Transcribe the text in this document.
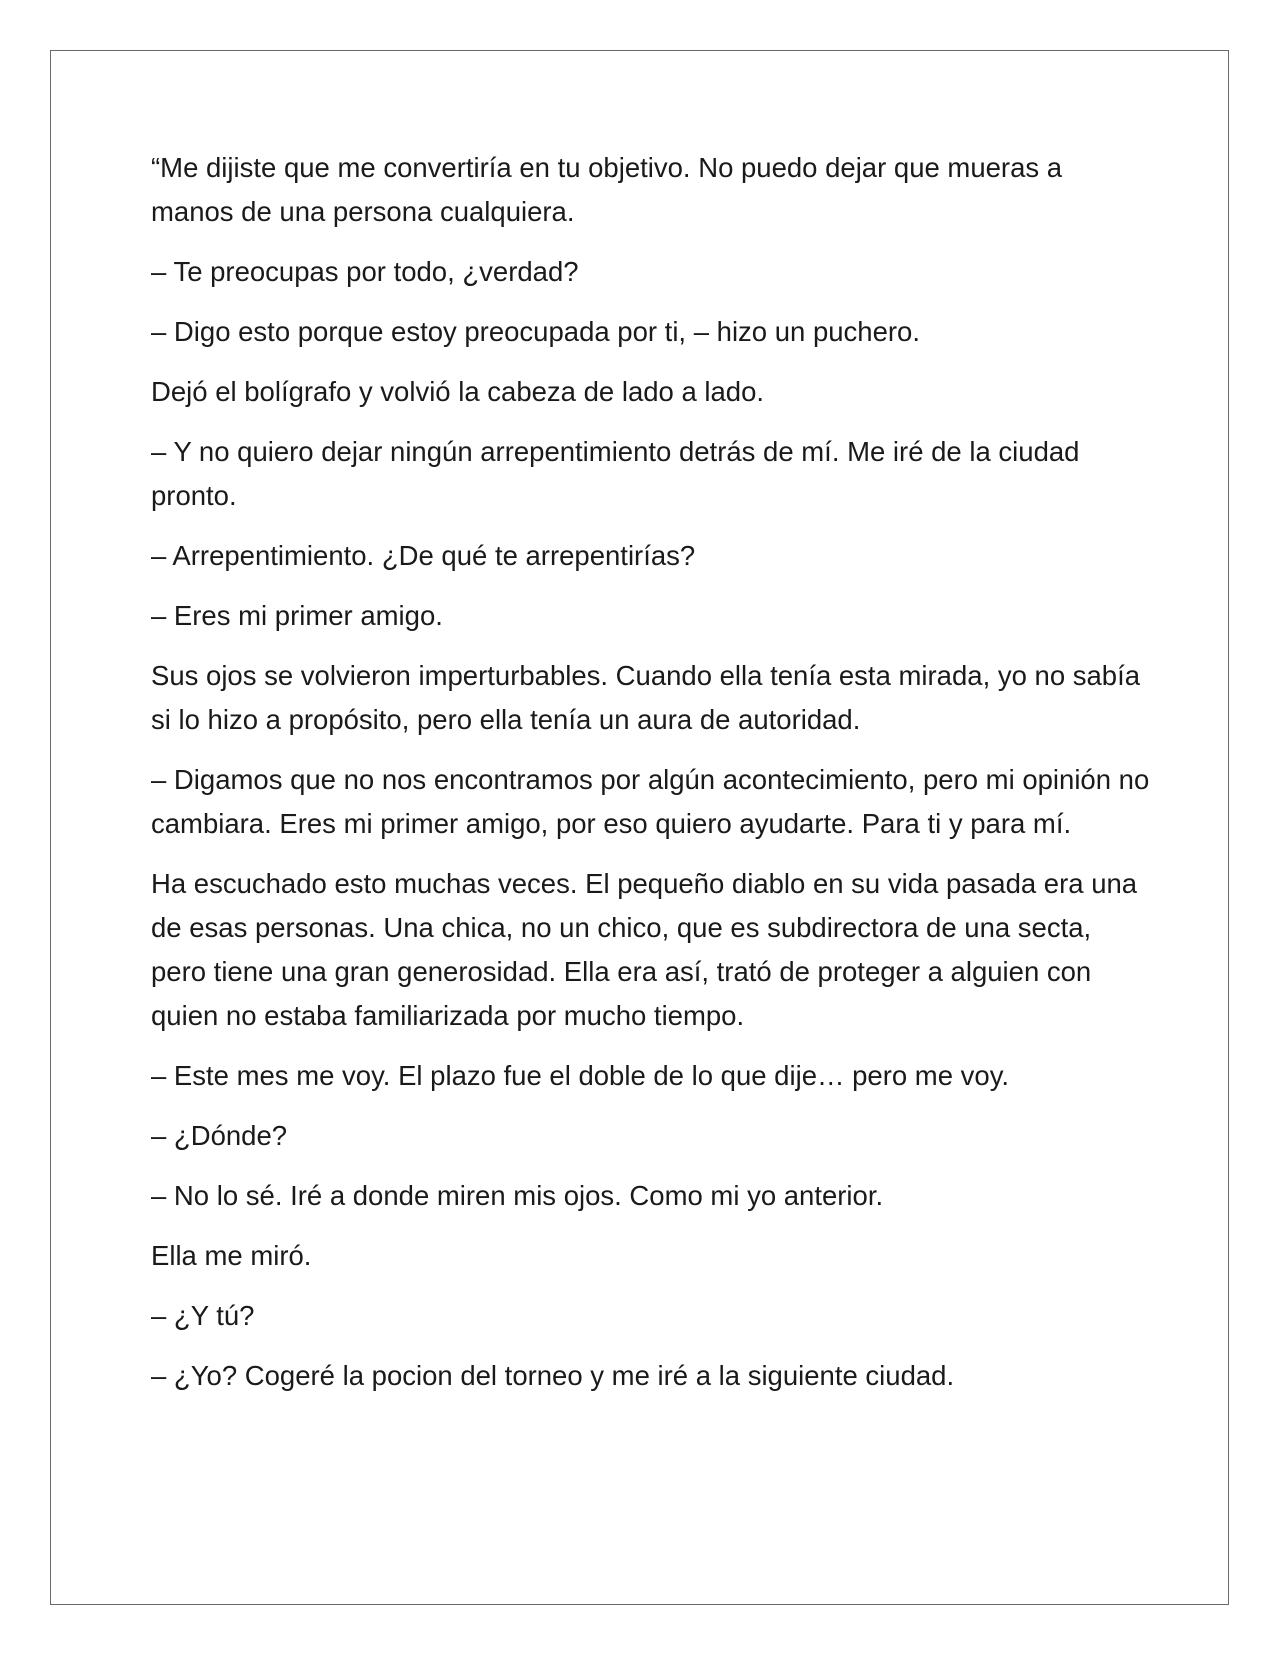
“Me dijiste que me convertiría en tu objetivo. No puedo dejar que mueras a manos de una persona cualquiera.

– Te preocupas por todo, ¿verdad?

– Digo esto porque estoy preocupada por ti, – hizo un puchero.

Dejó el bolígrafo y volvió la cabeza de lado a lado.

– Y no quiero dejar ningún arrepentimiento detrás de mí. Me iré de la ciudad pronto.

– Arrepentimiento. ¿De qué te arrepentirías?

– Eres mi primer amigo.

Sus ojos se volvieron imperturbables. Cuando ella tenía esta mirada, yo no sabía si lo hizo a propósito, pero ella tenía un aura de autoridad.

– Digamos que no nos encontramos por algún acontecimiento, pero mi opinión no cambiara. Eres mi primer amigo, por eso quiero ayudarte. Para ti y para mí.

Ha escuchado esto muchas veces. El pequeño diablo en su vida pasada era una de esas personas. Una chica, no un chico, que es subdirectora de una secta, pero tiene una gran generosidad. Ella era así, trató de proteger a alguien con quien no estaba familiarizada por mucho tiempo.

– Este mes me voy. El plazo fue el doble de lo que dije… pero me voy.

– ¿Dónde?

– No lo sé. Iré a donde miren mis ojos. Como mi yo anterior.

Ella me miró.

– ¿Y tú?

– ¿Yo? Cogeré la pocion del torneo y me iré a la siguiente ciudad.
